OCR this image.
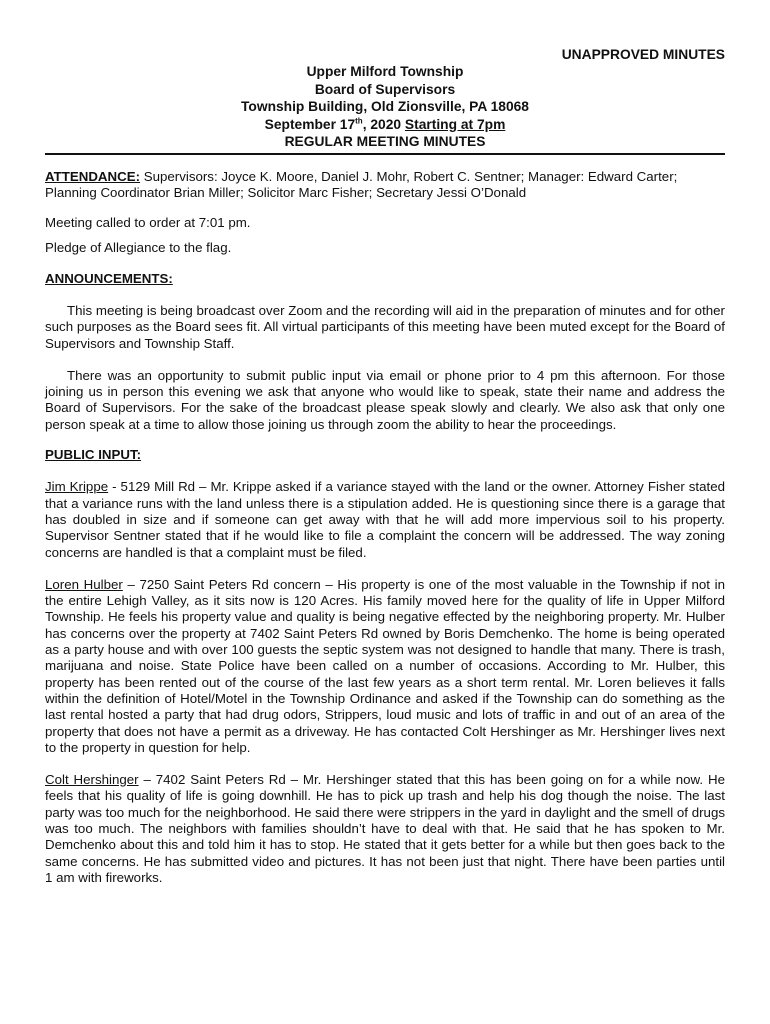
UNAPPROVED MINUTES
Upper Milford Township
Board of Supervisors
Township Building, Old Zionsville, PA 18068
September 17th, 2020 Starting at 7pm
REGULAR MEETING MINUTES

ATTENDANCE: Supervisors: Joyce K. Moore, Daniel J. Mohr, Robert C. Sentner; Manager: Edward Carter; Planning Coordinator Brian Miller; Solicitor Marc Fisher; Secretary Jessi O’Donald

Meeting called to order at 7:01 pm.

Pledge of Allegiance to the flag.

ANNOUNCEMENTS:

This meeting is being broadcast over Zoom and the recording will aid in the preparation of minutes and for other such purposes as the Board sees fit. All virtual participants of this meeting have been muted except for the Board of Supervisors and Township Staff.

There was an opportunity to submit public input via email or phone prior to 4 pm this afternoon. For those joining us in person this evening we ask that anyone who would like to speak, state their name and address the Board of Supervisors. For the sake of the broadcast please speak slowly and clearly. We also ask that only one person speak at a time to allow those joining us through zoom the ability to hear the proceedings.

PUBLIC INPUT:

Jim Krippe - 5129 Mill Rd – Mr. Krippe asked if a variance stayed with the land or the owner. Attorney Fisher stated that a variance runs with the land unless there is a stipulation added. He is questioning since there is a garage that has doubled in size and if someone can get away with that he will add more impervious soil to his property. Supervisor Sentner stated that if he would like to file a complaint the concern will be addressed. The way zoning concerns are handled is that a complaint must be filed.

Loren Hulber – 7250 Saint Peters Rd concern – His property is one of the most valuable in the Township if not in the entire Lehigh Valley, as it sits now is 120 Acres. His family moved here for the quality of life in Upper Milford Township. He feels his property value and quality is being negative effected by the neighboring property. Mr. Hulber has concerns over the property at 7402 Saint Peters Rd owned by Boris Demchenko. The home is being operated as a party house and with over 100 guests the septic system was not designed to handle that many. There is trash, marijuana and noise. State Police have been called on a number of occasions. According to Mr. Hulber, this property has been rented out of the course of the last few years as a short term rental. Mr. Loren believes it falls within the definition of Hotel/Motel in the Township Ordinance and asked if the Township can do something as the last rental hosted a party that had drug odors, Strippers, loud music and lots of traffic in and out of an area of the property that does not have a permit as a driveway. He has contacted Colt Hershinger as Mr. Hershinger lives next to the property in question for help.

Colt Hershinger – 7402 Saint Peters Rd – Mr. Hershinger stated that this has been going on for a while now. He feels that his quality of life is going downhill. He has to pick up trash and help his dog though the noise. The last party was too much for the neighborhood. He said there were strippers in the yard in daylight and the smell of drugs was too much. The neighbors with families shouldn’t have to deal with that. He said that he has spoken to Mr. Demchenko about this and told him it has to stop. He stated that it gets better for a while but then goes back to the same concerns. He has submitted video and pictures. It has not been just that night. There have been parties until 1 am with fireworks.
